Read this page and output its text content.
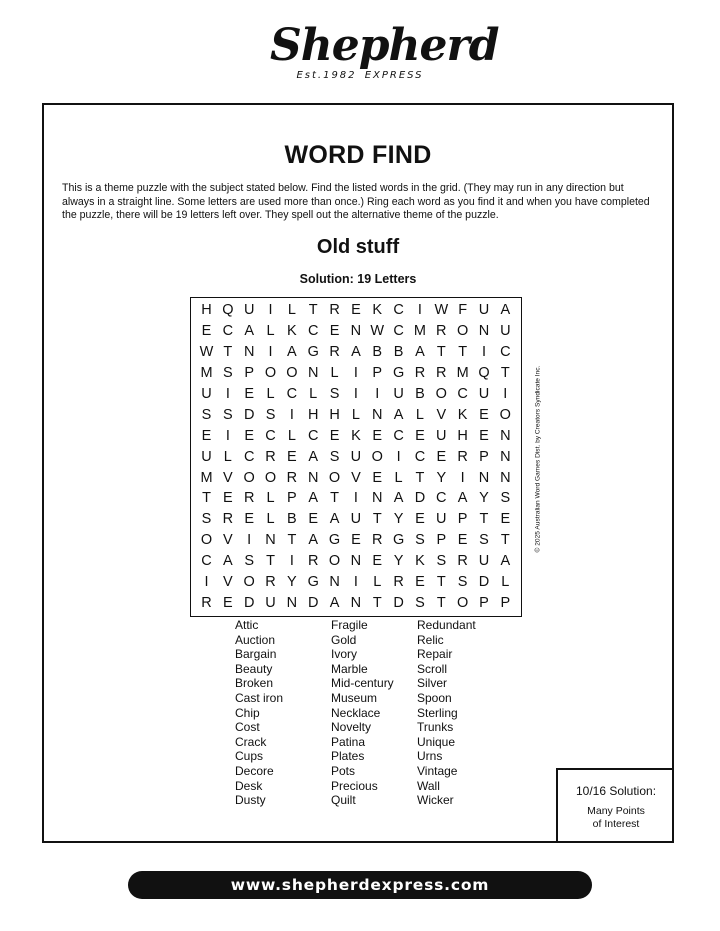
Shepherd
Est.1982 EXPRESS
WORD FIND
This is a theme puzzle with the subject stated below. Find the listed words in the grid. (They may run in any direction but always in a straight line. Some letters are used more than once.) Ring each word as you find it and when you have completed the puzzle, there will be 19 letters left over. They spell out the alternative theme of the puzzle.
Old stuff
Solution: 19 Letters
H Q U I	L T R E K C I W F U A
E C A L K C E N W C M R O N U
W T N I A G R A B B A T T	I C
M S P O O N L	I P G R R M Q T
U I E L C L S	I	I U B O C U I
S S D S	I H H L N A L V K E O
E	I E C L C E K E C E U H E N
U L C R E A S U O I C E R P N
M V O O R N O V E L T Y	I N N
T E R L P A T	I N A D C A Y S
S R E L B E A U T Y E U P T E
O V	I N T A G E R G S P E S T
C A S T	I R O N E Y K S R U A
I V O R Y G N I	L R E T S D L
R E D U N D A N T D S T O P P
© 2025 Australian Word Games Dist. by Creators Syndicate Inc.
Attic
Auction
Bargain
Beauty
Broken
Cast iron
Chip
Cost
Crack
Cups
Decore
Desk
Dusty
Fragile
Gold
Ivory
Marble
Mid-century
Museum
Necklace
Novelty
Patina
Plates
Pots
Precious
Quilt
Redundant
Relic
Repair
Scroll
Silver
Spoon
Sterling
Trunks
Unique
Urns
Vintage
Wall
Wicker
10/16 Solution:
Many Points
of Interest
www.shepherdexpress.com
